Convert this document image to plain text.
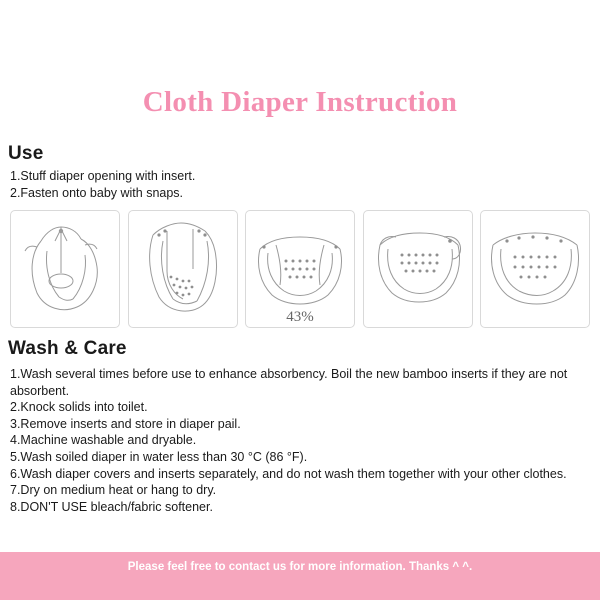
Cloth Diaper Instruction
Use
1.Stuff diaper opening with insert.
2.Fasten onto baby with snaps.
43%
Wash & Care
1.Wash several times before use to enhance absorbency. Boil the new bamboo inserts if they are not absorbent.
2.Knock solids into toilet.
3.Remove inserts and store in diaper pail.
4.Machine washable and dryable.
5.Wash soiled diaper in water less than 30 °C (86 °F).
6.Wash diaper covers and inserts separately, and do not wash them together with your other clothes.
7.Dry on medium heat or hang to dry.
8.DON'T USE bleach/fabric softener.
Please feel free to contact us for more information. Thanks ^ ^.
